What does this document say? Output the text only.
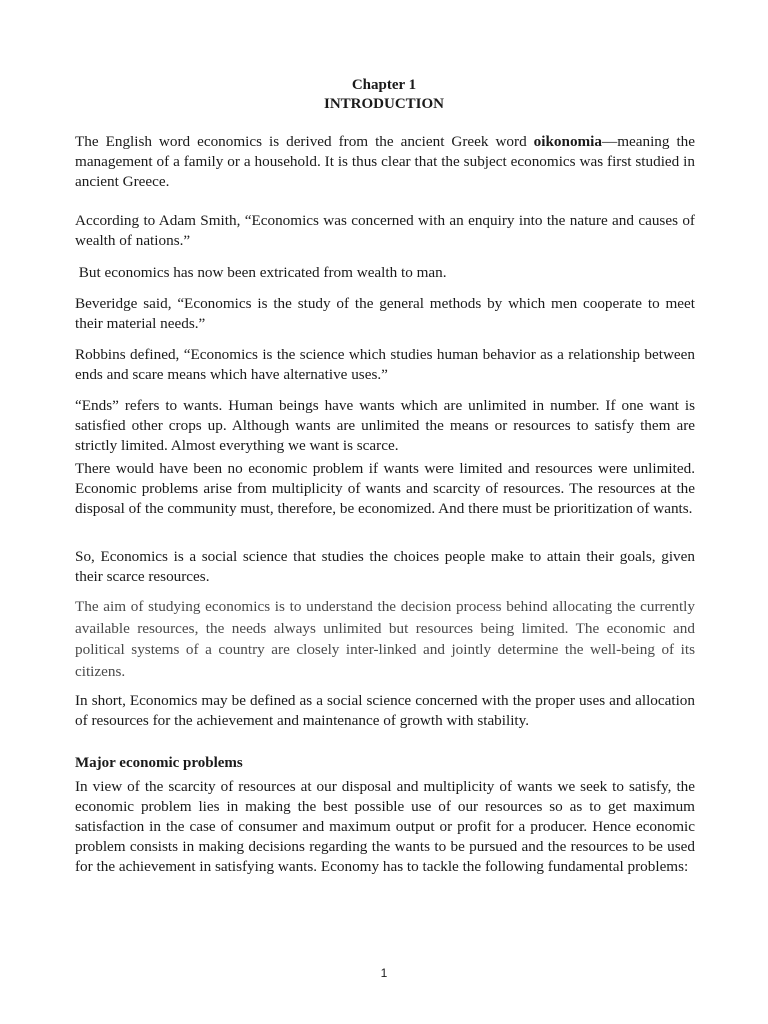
Chapter 1
INTRODUCTION
The English word economics is derived from the ancient Greek word oikonomia—meaning the management of a family or a household. It is thus clear that the subject economics was first studied in ancient Greece.
According to Adam Smith, “Economics was concerned with an enquiry into the nature and causes of wealth of nations.”
But economics has now been extricated from wealth to man.
Beveridge said, “Economics is the study of the general methods by which men cooperate to meet their material needs.”
Robbins defined, “Economics is the science which studies human behavior as a relationship between ends and scare means which have alternative uses.”
“Ends” refers to wants. Human beings have wants which are unlimited in number. If one want is satisfied other crops up. Although wants are unlimited the means or resources to satisfy them are strictly limited. Almost everything we want is scarce.
There would have been no economic problem if wants were limited and resources were unlimited. Economic problems arise from multiplicity of wants and scarcity of resources. The resources at the disposal of the community must, therefore, be economized. And there must be prioritization of wants.
So, Economics is a social science that studies the choices people make to attain their goals, given their scarce resources.
The aim of studying economics is to understand the decision process behind allocating the currently available resources, the needs always unlimited but resources being limited. The economic and political systems of a country are closely inter-linked and jointly determine the well-being of its citizens.
In short, Economics may be defined as a social science concerned with the proper uses and allocation of resources for the achievement and maintenance of growth with stability.
Major economic problems
In view of the scarcity of resources at our disposal and multiplicity of wants we seek to satisfy, the economic problem lies in making the best possible use of our resources so as to get maximum satisfaction in the case of consumer and maximum output or profit for a producer. Hence economic problem consists in making decisions regarding the wants to be pursued and the resources to be used for the achievement in satisfying wants. Economy has to tackle the following fundamental problems:
1
